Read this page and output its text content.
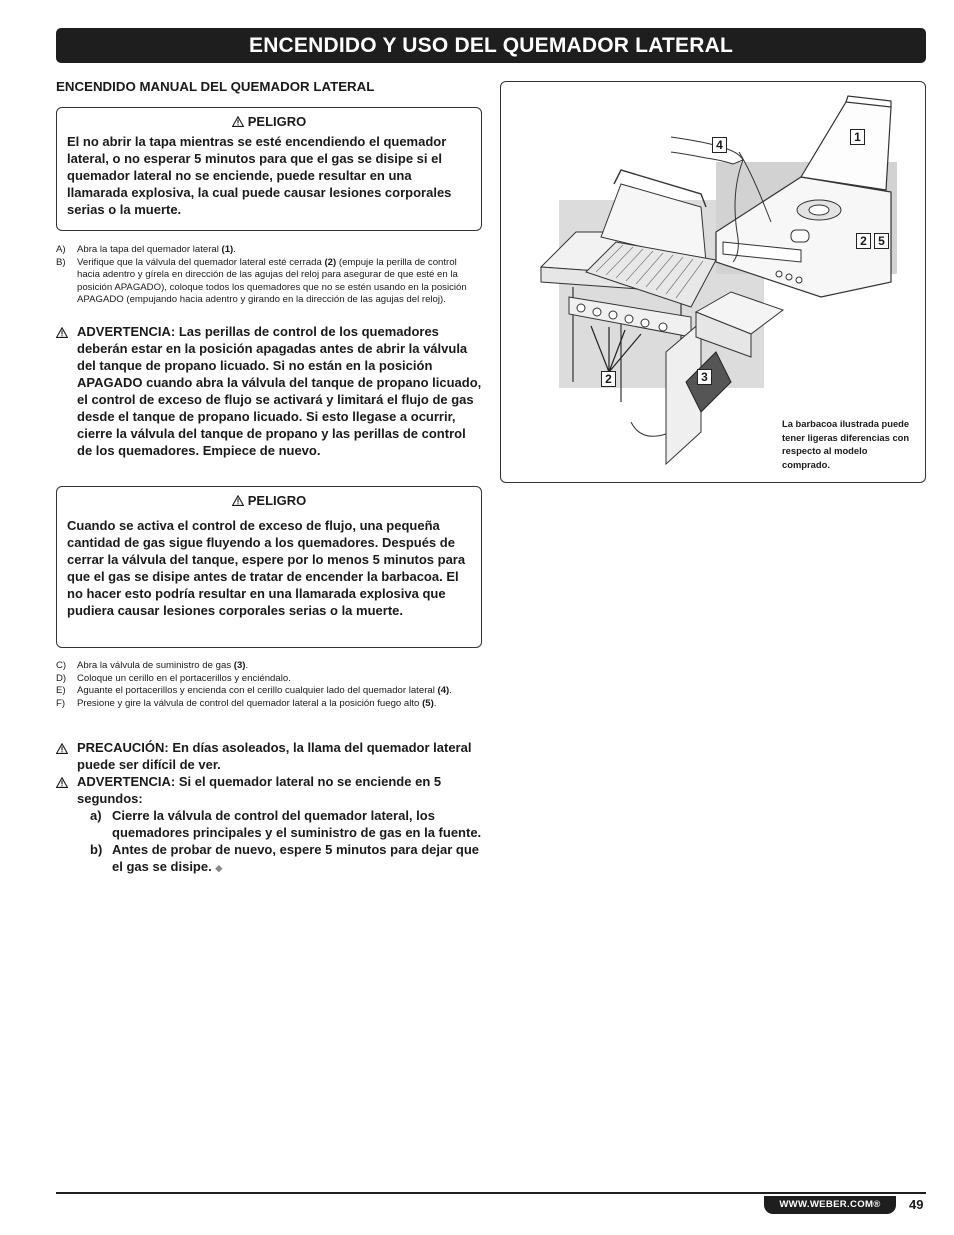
ENCENDIDO Y USO DEL QUEMADOR LATERAL
ENCENDIDO MANUAL DEL QUEMADOR LATERAL
PELIGRO
El no abrir la tapa mientras se esté encendiendo el quemador lateral, o no esperar 5 minutos para que el gas se disipe si el quemador lateral no se enciende, puede resultar en una llamarada explosiva, la cual puede causar lesiones corporales serias o la muerte.
A)	Abra la tapa del quemador lateral (1).
B)	Verifique que la válvula del quemador lateral esté cerrada (2) (empuje la perilla de control hacia adentro y gírela en dirección de las agujas del reloj para asegurar de que esté en la posición APAGADO), coloque todos los quemadores que no se estén usando en la posición APAGADO (empujando hacia adentro y girando en la dirección de las agujas del reloj).
ADVERTENCIA: Las perillas de control de los quemadores deberán estar en la posición apagadas antes de abrir la válvula del tanque de propano licuado. Si no están en la posición APAGADO cuando abra la válvula del tanque de propano licuado, el control de exceso de flujo se activará y limitará el flujo de gas desde el tanque de propano licuado. Si esto llegase a ocurrir, cierre la válvula del tanque de propano y las perillas de control de los quemadores. Empiece de nuevo.
PELIGRO
Cuando se activa el control de exceso de flujo, una pequeña cantidad de gas sigue fluyendo a los quemadores. Después de cerrar la válvula del tanque, espere por lo menos 5 minutos para que el gas se disipe antes de tratar de encender la barbacoa. El no hacer esto podría resultar en una llamarada explosiva que pudiera causar lesiones corporales serias o la muerte.
C)	Abra la válvula de suministro de gas (3).
D)	Coloque un cerillo en el portacerillos y enciéndalo.
E)	Aguante el portacerillos y encienda con el cerillo cualquier lado del quemador lateral (4).
F)	Presione y gire la válvula de control del quemador lateral a la posición fuego alto (5).
PRECAUCIÓN: En días asoleados, la llama del quemador lateral puede ser difícil de ver.
ADVERTENCIA: Si el quemador lateral no se enciende en 5 segundos:
a) Cierre la válvula de control del quemador lateral, los quemadores principales y el suministro de gas en la fuente.
b) Antes de probar de nuevo, espere 5 minutos para dejar que el gas se disipe. ◆
1
4
2 5
2	3
La barbacoa ilustrada puede tener ligeras diferencias con respecto al modelo comprado.
WWW.WEBER.COM®	49
